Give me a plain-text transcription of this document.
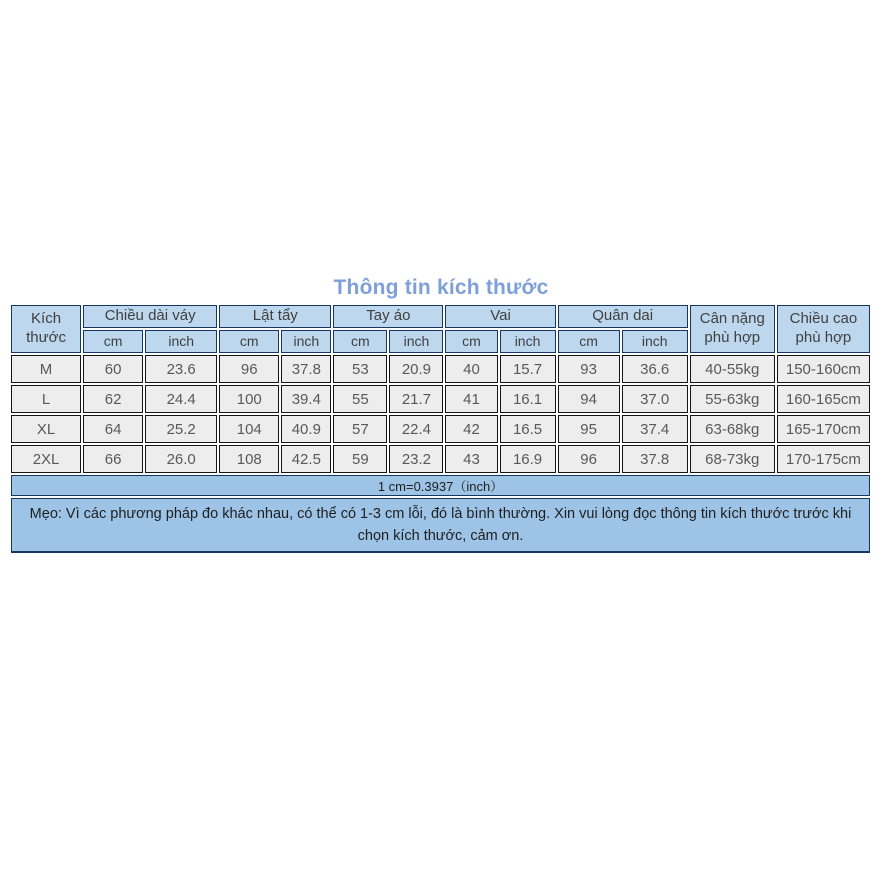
Thông tin kích thước
Kích thước	Chiều dài váy		Lật tẩy		Tay áo		Vai		Quân dai		Cân nặng phù hợp	Chiều cao phù hợp
	cm	inch	cm	inch	cm	inch	cm	inch	cm	inch		
M	60	23.6	96	37.8	53	20.9	40	15.7	93	36.6	40-55kg	150-160cm
L	62	24.4	100	39.4	55	21.7	41	16.1	94	37.0	55-63kg	160-165cm
XL	64	25.2	104	40.9	57	22.4	42	16.5	95	37.4	63-68kg	165-170cm
2XL	66	26.0	108	42.5	59	23.2	43	16.9	96	37.8	68-73kg	170-175cm
1 cm=0.3937（inch）												
Mẹo: Vì các phương pháp đo khác nhau, có thể có 1-3 cm lỗi, đó là bình thường. Xin vui lòng đọc thông tin kích thước trước khi chọn kích thước, cảm ơn.												
